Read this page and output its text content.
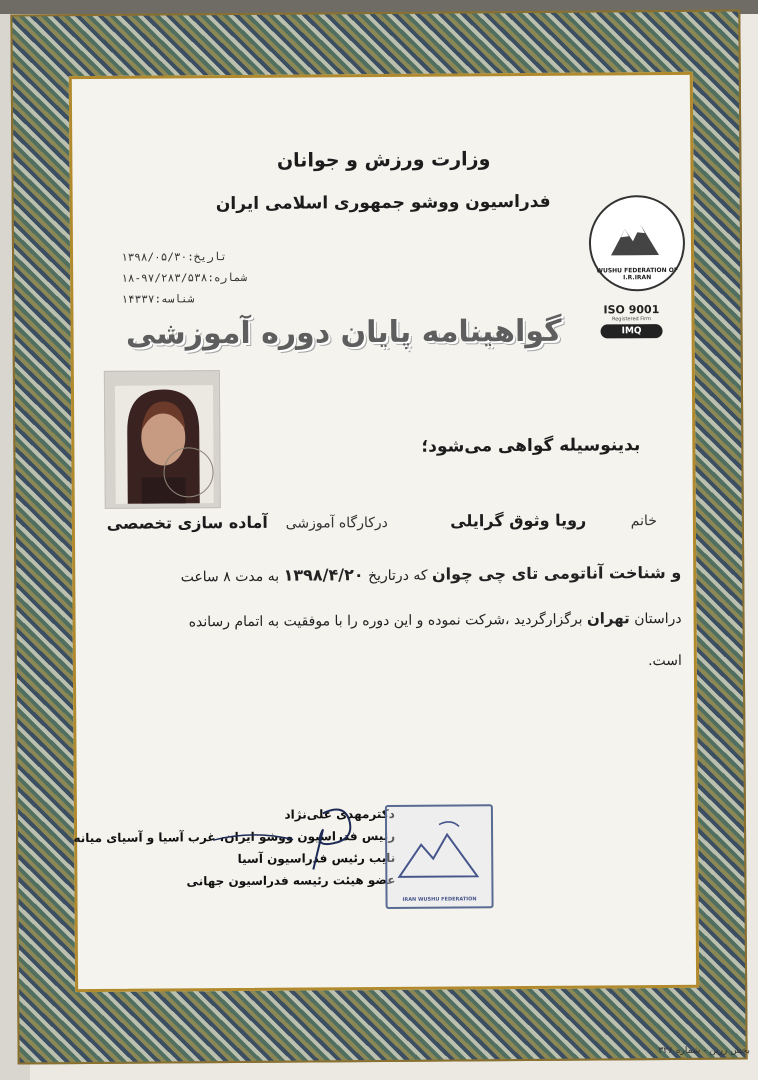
وزارت ورزش و جوانان
فدراسیون ووشو جمهوری اسلامی ایران
تاریخ:۱۳۹۸/۰۵/۳۰
شماره:۹۷/۲۸۳/۵۳۸-۱۸
شناسه:۱۴۳۳۷
WUSHU FEDERATION OF I.R.IRAN
ISO 9001
Registered Firm
IMQ
گواهینامه پایان دوره آموزشی
بدینوسیله گواهی می‌شود؛
خانم          رویا وثوق گرایلی              درکارگاه آموزشی    آماده سازی تخصصی
و شناخت آناتومی تای چی چوان که درتاریخ ۱۳۹۸/۴/۲۰ به مدت ۸ ساعت
دراستان تهران برگزارگردید ،شرکت نموده و این دوره را با موفقیت به اتمام رسانده
است.
دکترمهدی علی‌نژاد
رئیس فدراسیون ووشو ایران، غرب آسیا و آسیای میانه
نایب رئیس فدراسیون آسیا
عضو هیئت رئیسه فدراسیون جهانی
IRAN WUSHU FEDERATION
بخش زرین - شماره ۳۲۶
